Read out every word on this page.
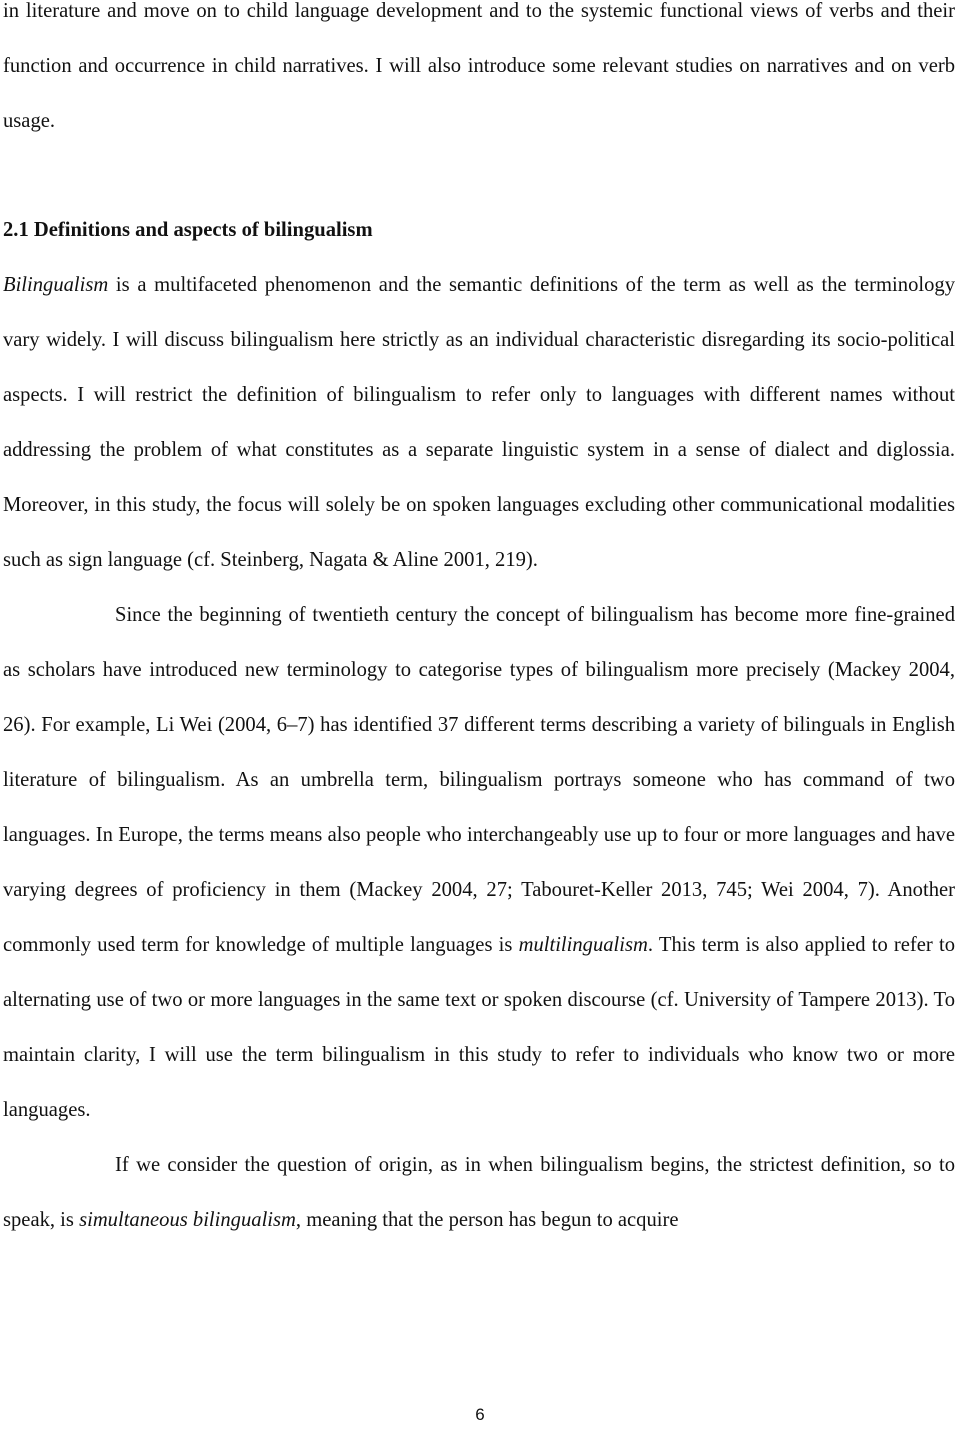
in literature and move on to child language development and to the systemic functional views of verbs and their function and occurrence in child narratives. I will also introduce some relevant studies on narratives and on verb usage.

2.1 Definitions and aspects of bilingualism

Bilingualism is a multifaceted phenomenon and the semantic definitions of the term as well as the terminology vary widely. I will discuss bilingualism here strictly as an individual characteristic disregarding its socio-political aspects. I will restrict the definition of bilingualism to refer only to languages with different names without addressing the problem of what constitutes as a separate linguistic system in a sense of dialect and diglossia. Moreover, in this study, the focus will solely be on spoken languages excluding other communicational modalities such as sign language (cf. Steinberg, Nagata & Aline 2001, 219).

Since the beginning of twentieth century the concept of bilingualism has become more fine-grained as scholars have introduced new terminology to categorise types of bilingualism more precisely (Mackey 2004, 26). For example, Li Wei (2004, 6–7) has identified 37 different terms describing a variety of bilinguals in English literature of bilingualism. As an umbrella term, bilingualism portrays someone who has command of two languages. In Europe, the terms means also people who interchangeably use up to four or more languages and have varying degrees of proficiency in them (Mackey 2004, 27; Tabouret-Keller 2013, 745; Wei 2004, 7). Another commonly used term for knowledge of multiple languages is multilingualism. This term is also applied to refer to alternating use of two or more languages in the same text or spoken discourse (cf. University of Tampere 2013). To maintain clarity, I will use the term bilingualism in this study to refer to individuals who know two or more languages.

If we consider the question of origin, as in when bilingualism begins, the strictest definition, so to speak, is simultaneous bilingualism, meaning that the person has begun to acquire

6
